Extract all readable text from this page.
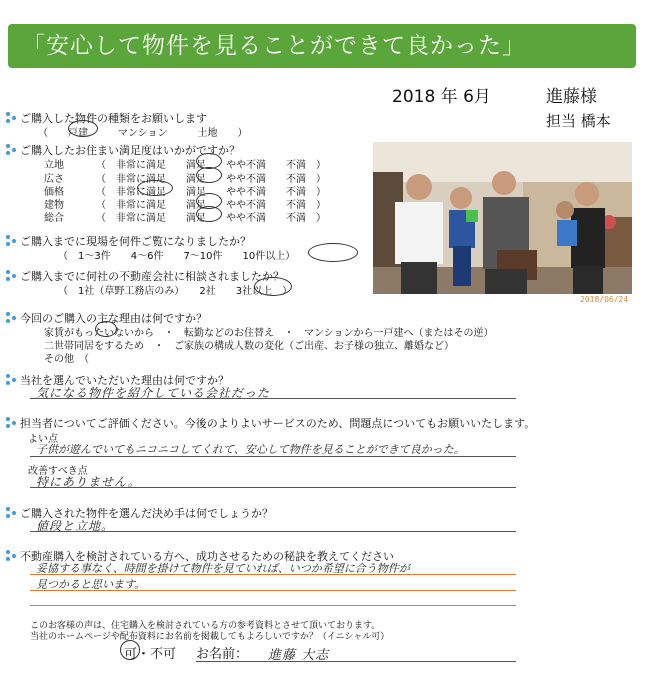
「安心して物件を見ることができて良かった」
2018 年 6月	進藤様
担当 橋本
ご購入した物件の種類をお願いします
（　　戸建　　　マンション　　　土地　　）
ご購入したお住まい満足度はいかがですか？
立地	（　非常に満足　　満足　　やや不満　　不満　）
広さ	（　非常に満足　　満足　　やや不満　　不満　）
価格	（　非常に満足　　満足　　やや不満　　不満　）
建物	（　非常に満足　　満足　　やや不満　　不満　）
総合	（　非常に満足　　満足　　やや不満　　不満　）
2018/06/24
ご購入までに現場を何件ご覧になりましたか？
（　1～3件　　4～6件　　7～10件　　10件以上）
ご購入までに何社の不動産会社に相談されましたか？
（　1社（草野工務店のみ）　　2社　　3社以上　）
今回のご購入の主な理由は何ですか？
家賃がもったいないから　・　転勤などのお住替え　・　マンションから一戸建へ（またはその逆）
二世帯同居をするため　・　ご家族の構成人数の変化（ご出産、お子様の独立、離婚など）
その他　（
当社を選んでいただいた理由は何ですか？
気になる物件を紹介している会社だった
担当者についてご評価ください。今後のよりよいサービスのため、問題点についてもお願いいたします。
よい点
子供が遊んでいてもニコニコしてくれて、安心して物件を見ることができて良かった。
改善すべき点
特にありません。
ご購入された物件を選んだ決め手は何でしょうか？
値段と立地。
不動産購入を検討されている方へ、成功させるための秘訣を教えてください
妥協する事なく、時間を掛けて物件を見ていれば、いつか希望に合う物件が
見つかると思います。
このお客様の声は、住宅購入を検討されている方の参考資料とさせて頂いております。
当社のホームページや配布資料にお名前を掲載してもよろしいですか？（イニシャル可）
可・不可 お名前： 進藤 大志
